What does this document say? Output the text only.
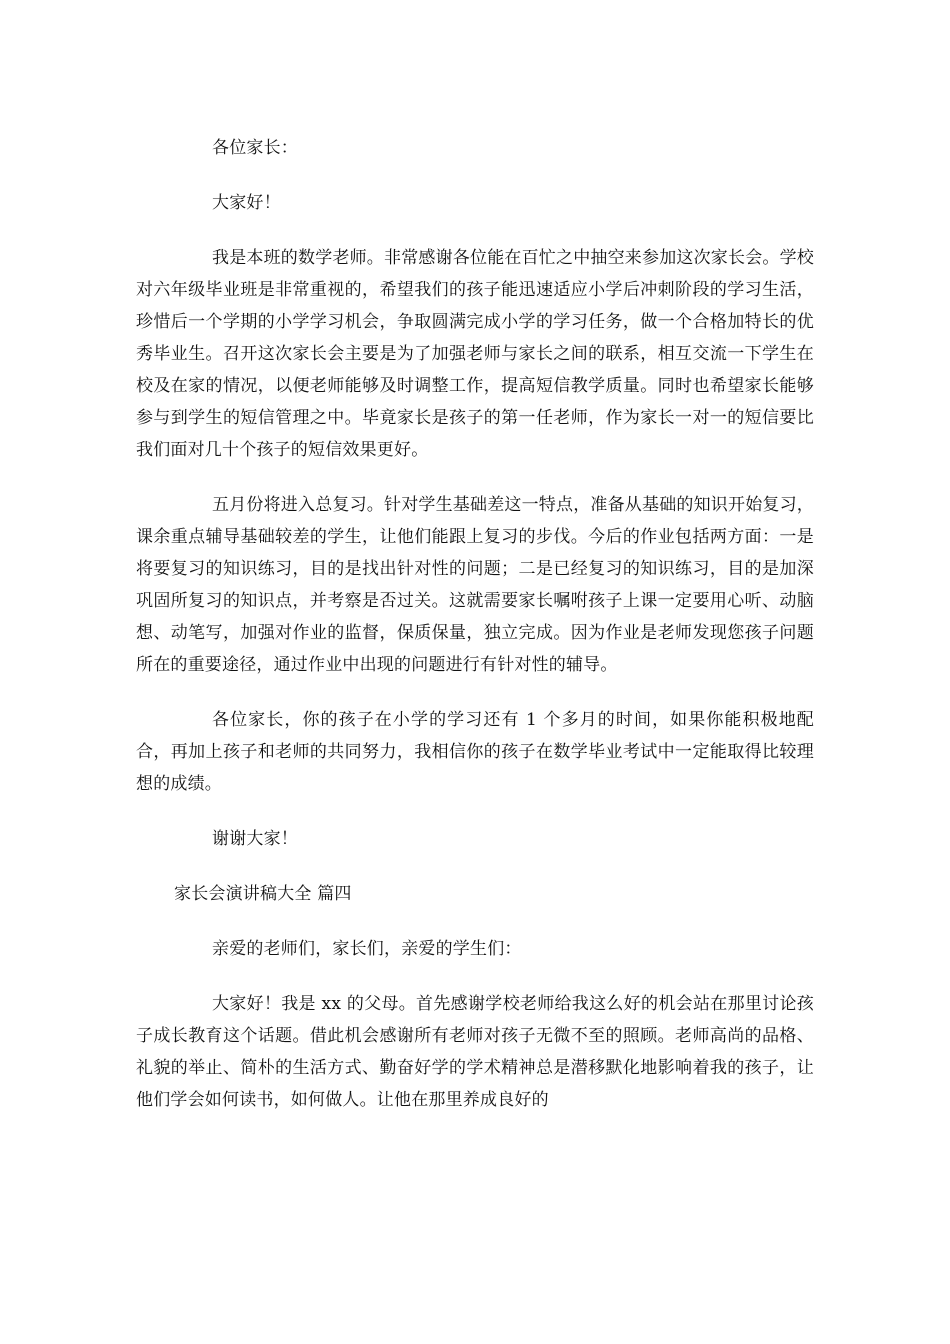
各位家长：

大家好！

我是本班的数学老师。非常感谢各位能在百忙之中抽空来参加这次家长会。学校对六年级毕业班是非常重视的，希望我们的孩子能迅速适应小学后冲刺阶段的学习生活，珍惜后一个学期的小学学习机会，争取圆满完成小学的学习任务，做一个合格加特长的优秀毕业生。召开这次家长会主要是为了加强老师与家长之间的联系，相互交流一下学生在校及在家的情况，以便老师能够及时调整工作，提高短信教学质量。同时也希望家长能够参与到学生的短信管理之中。毕竟家长是孩子的第一任老师，作为家长一对一的短信要比我们面对几十个孩子的短信效果更好。

五月份将进入总复习。针对学生基础差这一特点，准备从基础的知识开始复习，课余重点辅导基础较差的学生，让他们能跟上复习的步伐。今后的作业包括两方面：一是将要复习的知识练习，目的是找出针对性的问题；二是已经复习的知识练习，目的是加深巩固所复习的知识点，并考察是否过关。这就需要家长嘱咐孩子上课一定要用心听、动脑想、动笔写，加强对作业的监督，保质保量，独立完成。因为作业是老师发现您孩子问题所在的重要途径，通过作业中出现的问题进行有针对性的辅导。

各位家长，你的孩子在小学的学习还有 1 个多月的时间，如果你能积极地配合，再加上孩子和老师的共同努力，我相信你的孩子在数学毕业考试中一定能取得比较理想的成绩。

谢谢大家！

家长会演讲稿大全 篇四

亲爱的老师们，家长们，亲爱的学生们：

大家好！我是 xx 的父母。首先感谢学校老师给我这么好的机会站在那里讨论孩子成长教育这个话题。借此机会感谢所有老师对孩子无微不至的照顾。老师高尚的品格、礼貌的举止、简朴的生活方式、勤奋好学的学术精神总是潜移默化地影响着我的孩子，让他们学会如何读书，如何做人。让他在那里养成良好的
